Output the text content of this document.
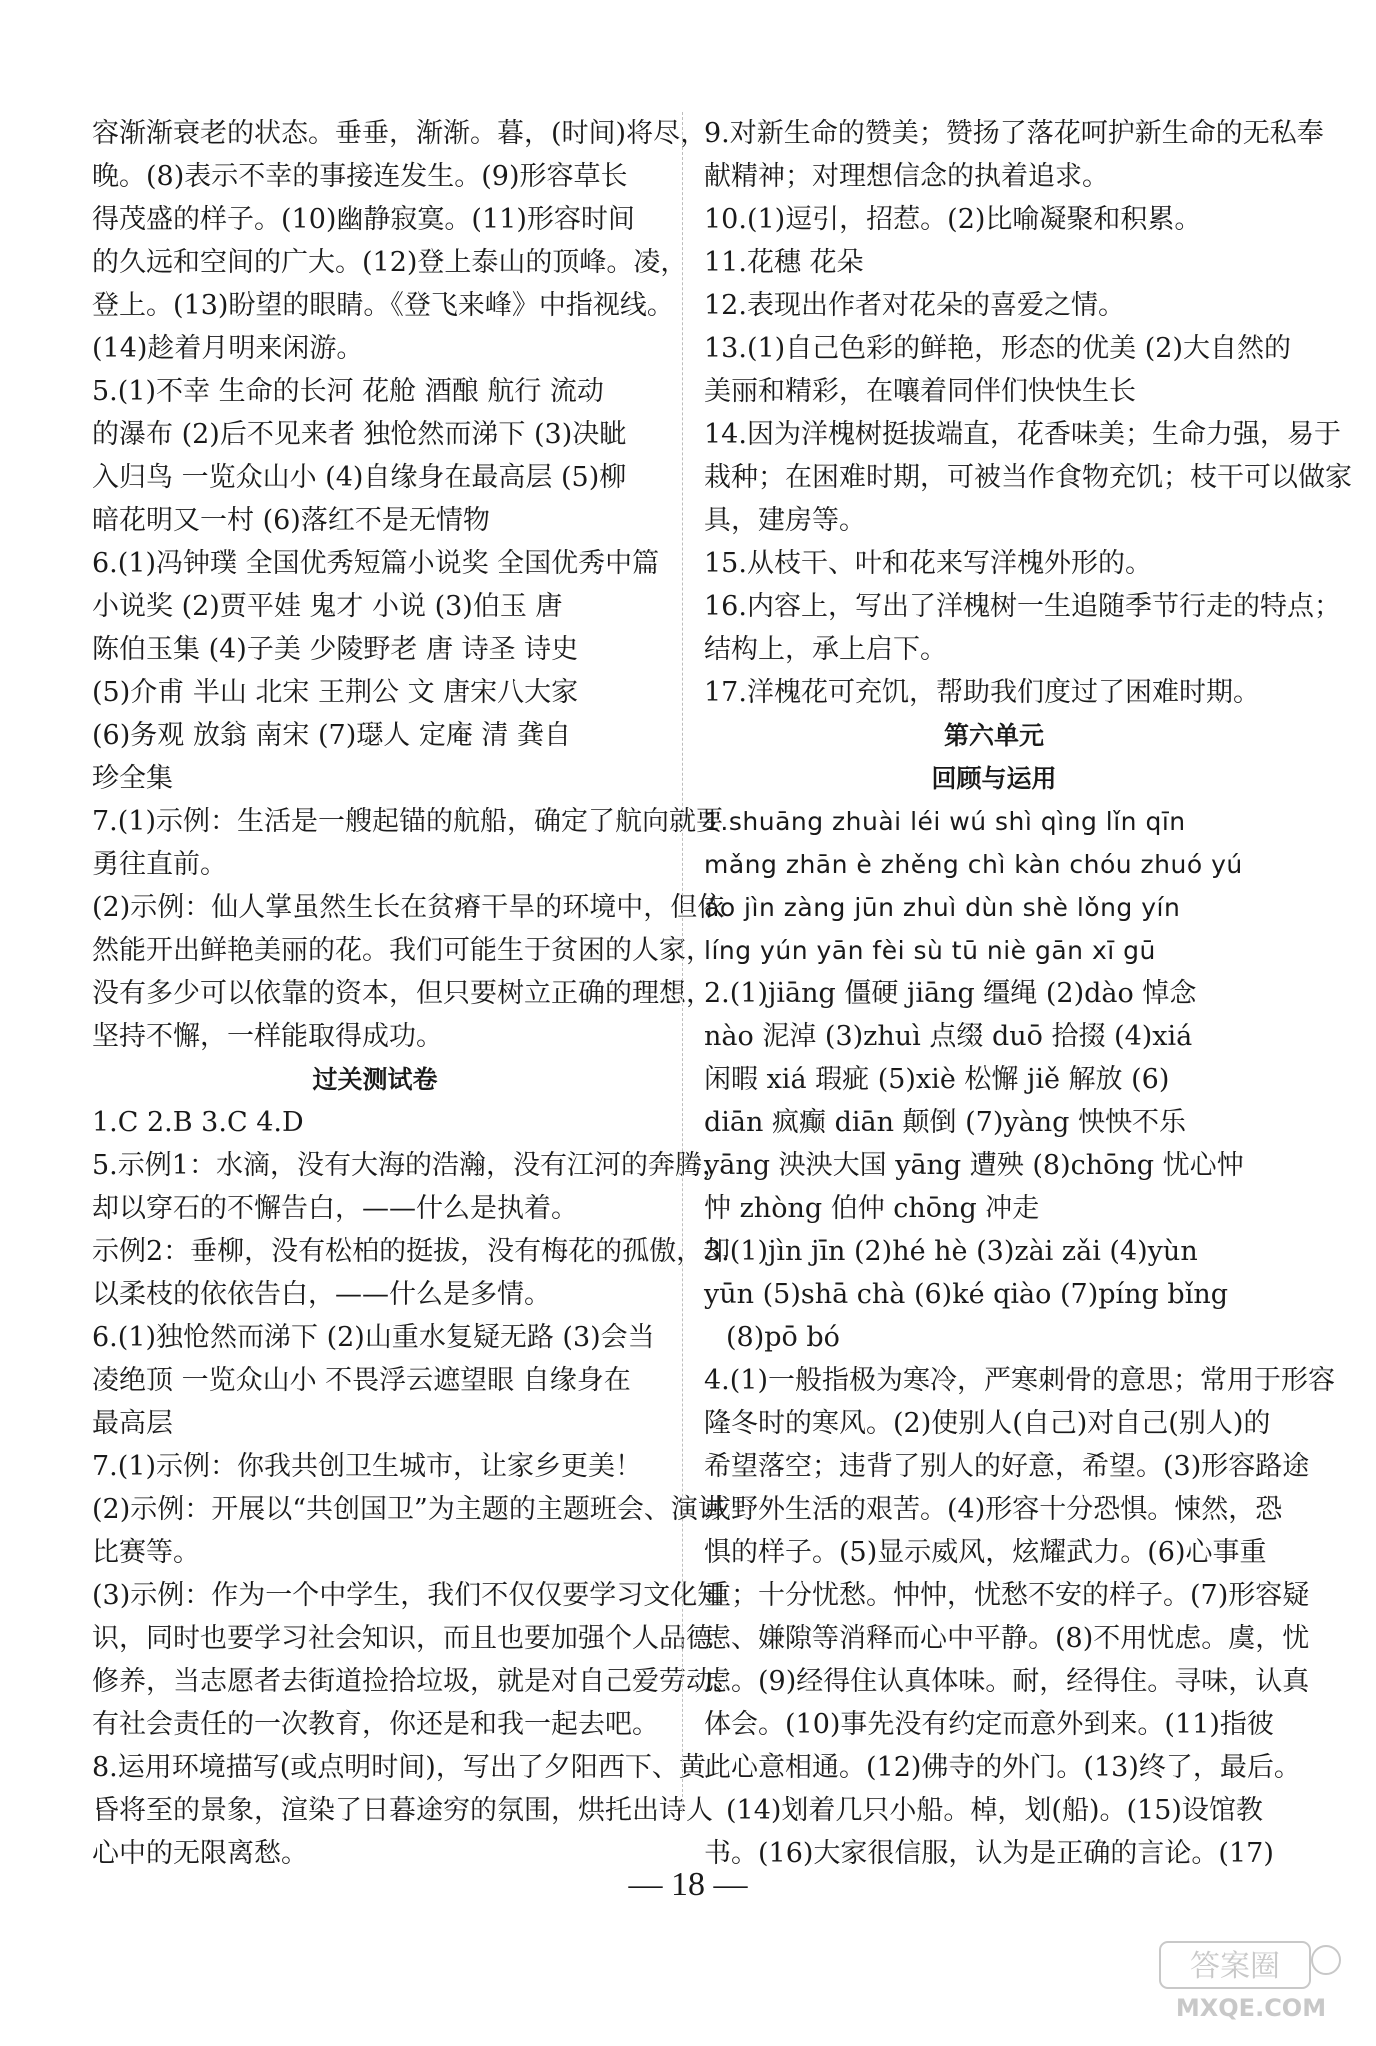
容渐渐衰老的状态。垂垂，渐渐。暮，(时间)将尽，
晚。(8)表示不幸的事接连发生。(9)形容草长
得茂盛的样子。(10)幽静寂寞。(11)形容时间
的久远和空间的广大。(12)登上泰山的顶峰。凌，
登上。(13)盼望的眼睛。《登飞来峰》中指视线。
(14)趁着月明来闲游。
5.(1)不幸 生命的长河 花舱 酒酿 航行 流动
的瀑布 (2)后不见来者 独怆然而涕下 (3)决眦
入归鸟 一览众山小 (4)自缘身在最高层 (5)柳
暗花明又一村 (6)落红不是无情物
6.(1)冯钟璞 全国优秀短篇小说奖 全国优秀中篇
小说奖 (2)贾平娃 鬼才 小说 (3)伯玉 唐
陈伯玉集 (4)子美 少陵野老 唐 诗圣 诗史
(5)介甫 半山 北宋 王荆公 文 唐宋八大家
(6)务观 放翁 南宋 (7)璱人 定庵 清 龚自
珍全集
7.(1)示例：生活是一艘起锚的航船，确定了航向就要
勇往直前。
(2)示例：仙人掌虽然生长在贫瘠干旱的环境中，但依
然能开出鲜艳美丽的花。我们可能生于贫困的人家，
没有多少可以依靠的资本，但只要树立正确的理想，
坚持不懈，一样能取得成功。
过关测试卷
1.C 2.B 3.C 4.D
5.示例1：水滴，没有大海的浩瀚，没有江河的奔腾，
却以穿石的不懈告白，——什么是执着。
示例2：垂柳，没有松柏的挺拔，没有梅花的孤傲，却
以柔枝的依依告白，——什么是多情。
6.(1)独怆然而涕下 (2)山重水复疑无路 (3)会当
凌绝顶 一览众山小 不畏浮云遮望眼 自缘身在
最高层
7.(1)示例：你我共创卫生城市，让家乡更美！
(2)示例：开展以“共创国卫”为主题的主题班会、演讲
比赛等。
(3)示例：作为一个中学生，我们不仅仅要学习文化知
识，同时也要学习社会知识，而且也要加强个人品德
修养，当志愿者去街道捡拾垃圾，就是对自己爱劳动、
有社会责任的一次教育，你还是和我一起去吧。
8.运用环境描写(或点明时间)，写出了夕阳西下、黄
昏将至的景象，渲染了日暮途穷的氛围，烘托出诗人
心中的无限离愁。
9.对新生命的赞美；赞扬了落花呵护新生命的无私奉
献精神；对理想信念的执着追求。
10.(1)逗引，招惹。(2)比喻凝聚和积累。
11.花穗 花朵
12.表现出作者对花朵的喜爱之情。
13.(1)自己色彩的鲜艳，形态的优美 (2)大自然的
美丽和精彩，在嚷着同伴们快快生长
14.因为洋槐树挺拔端直，花香味美；生命力强，易于
栽种；在困难时期，可被当作食物充饥；枝干可以做家
具，建房等。
15.从枝干、叶和花来写洋槐外形的。
16.内容上，写出了洋槐树一生追随季节行走的特点；
结构上，承上启下。
17.洋槐花可充饥，帮助我们度过了困难时期。
第六单元
回顾与运用
1.shuāng zhuài léi wú shì qìng lǐn qīn
mǎng zhān è zhěng chì kàn chóu zhuó yú
áo jìn zàng jūn zhuì dùn shè lǒng yín
líng yún yān fèi sù tū niè gān xī gū
2.(1)jiāng 僵硬 jiāng 缰绳 (2)dào 悼念
nào 泥淖 (3)zhuì 点缀 duō 拾掇 (4)xiá
闲暇 xiá 瑕疵 (5)xiè 松懈 jiě 解放 (6)
diān 疯癫 diān 颠倒 (7)yàng 怏怏不乐
yāng 泱泱大国 yāng 遭殃 (8)chōng 忧心忡
忡 zhòng 伯仲 chōng 冲走
3.(1)jìn jīn (2)hé hè (3)zài zǎi (4)yùn
yūn (5)shā chà (6)ké qiào (7)píng bǐng
(8)pō bó
4.(1)一般指极为寒冷，严寒刺骨的意思；常用于形容
隆冬时的寒风。(2)使别人(自己)对自己(别人)的
希望落空；违背了别人的好意，希望。(3)形容路途
或野外生活的艰苦。(4)形容十分恐惧。悚然，恐
惧的样子。(5)显示威风，炫耀武力。(6)心事重
重；十分忧愁。忡忡，忧愁不安的样子。(7)形容疑
虑、嫌隙等消释而心中平静。(8)不用忧虑。虞，忧
虑。(9)经得住认真体味。耐，经得住。寻味，认真
体会。(10)事先没有约定而意外到来。(11)指彼
此心意相通。(12)佛寺的外门。(13)终了，最后。
(14)划着几只小船。棹，划(船)。(15)设馆教
书。(16)大家很信服，认为是正确的言论。(17)
— 18 —
答案圈
MXQE.COM
